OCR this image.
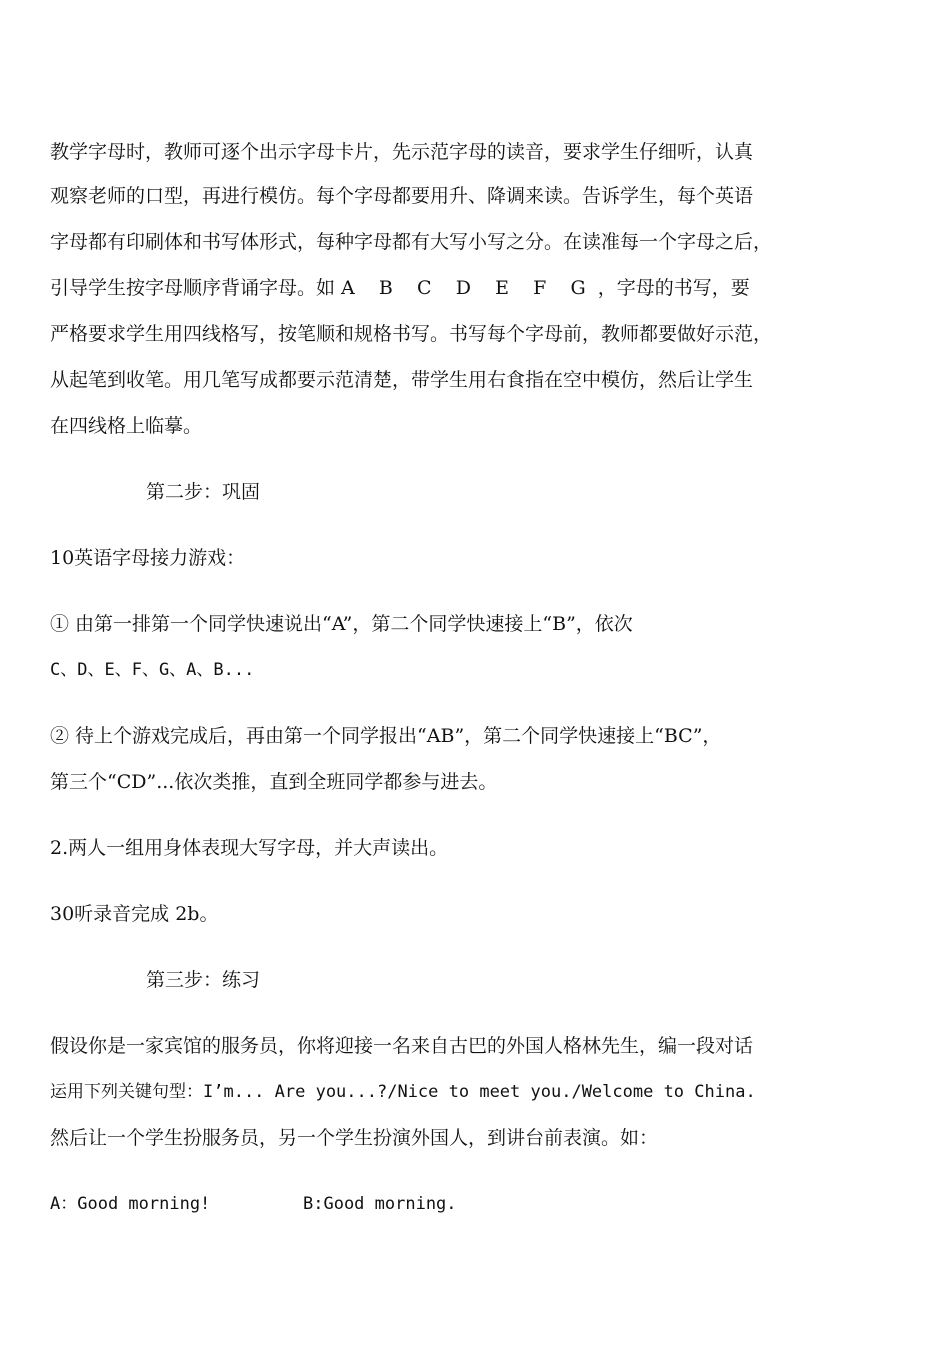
教学字母时，教师可逐个出示字母卡片，先示范字母的读音，要求学生仔细听，认真
观察老师的口型，再进行模仿。每个字母都要用升、降调来读。告诉学生，每个英语
字母都有印刷体和书写体形式，每种字母都有大写小写之分。在读准每一个字母之后，
引导学生按字母顺序背诵字母。如 A    B    C    D    E    F    G  ，字母的书写，要
严格要求学生用四线格写，按笔顺和规格书写。书写每个字母前，教师都要做好示范，
从起笔到收笔。用几笔写成都要示范清楚，带学生用右食指在空中模仿，然后让学生
在四线格上临摹。
第二步：巩固
10英语字母接力游戏：
① 由第一排第一个同学快速说出“A”，第二个同学快速接上“B”，依次
C、D、E、F、G、A、B...
② 待上个游戏完成后，再由第一个同学报出“AB”，第二个同学快速接上“BC”，
第三个“CD”...依次类推，直到全班同学都参与进去。
2.两人一组用身体表现大写字母，并大声读出。
30听录音完成 2b。
第三步：练习
假设你是一家宾馆的服务员，你将迎接一名来自古巴的外国人格林先生，编一段对话
运用下列关键句型：I’m... Are you...?/Nice to meet you./Welcome to China.
然后让一个学生扮服务员，另一个学生扮演外国人，到讲台前表演。如：
A：Good morning!	B:Good morning.
